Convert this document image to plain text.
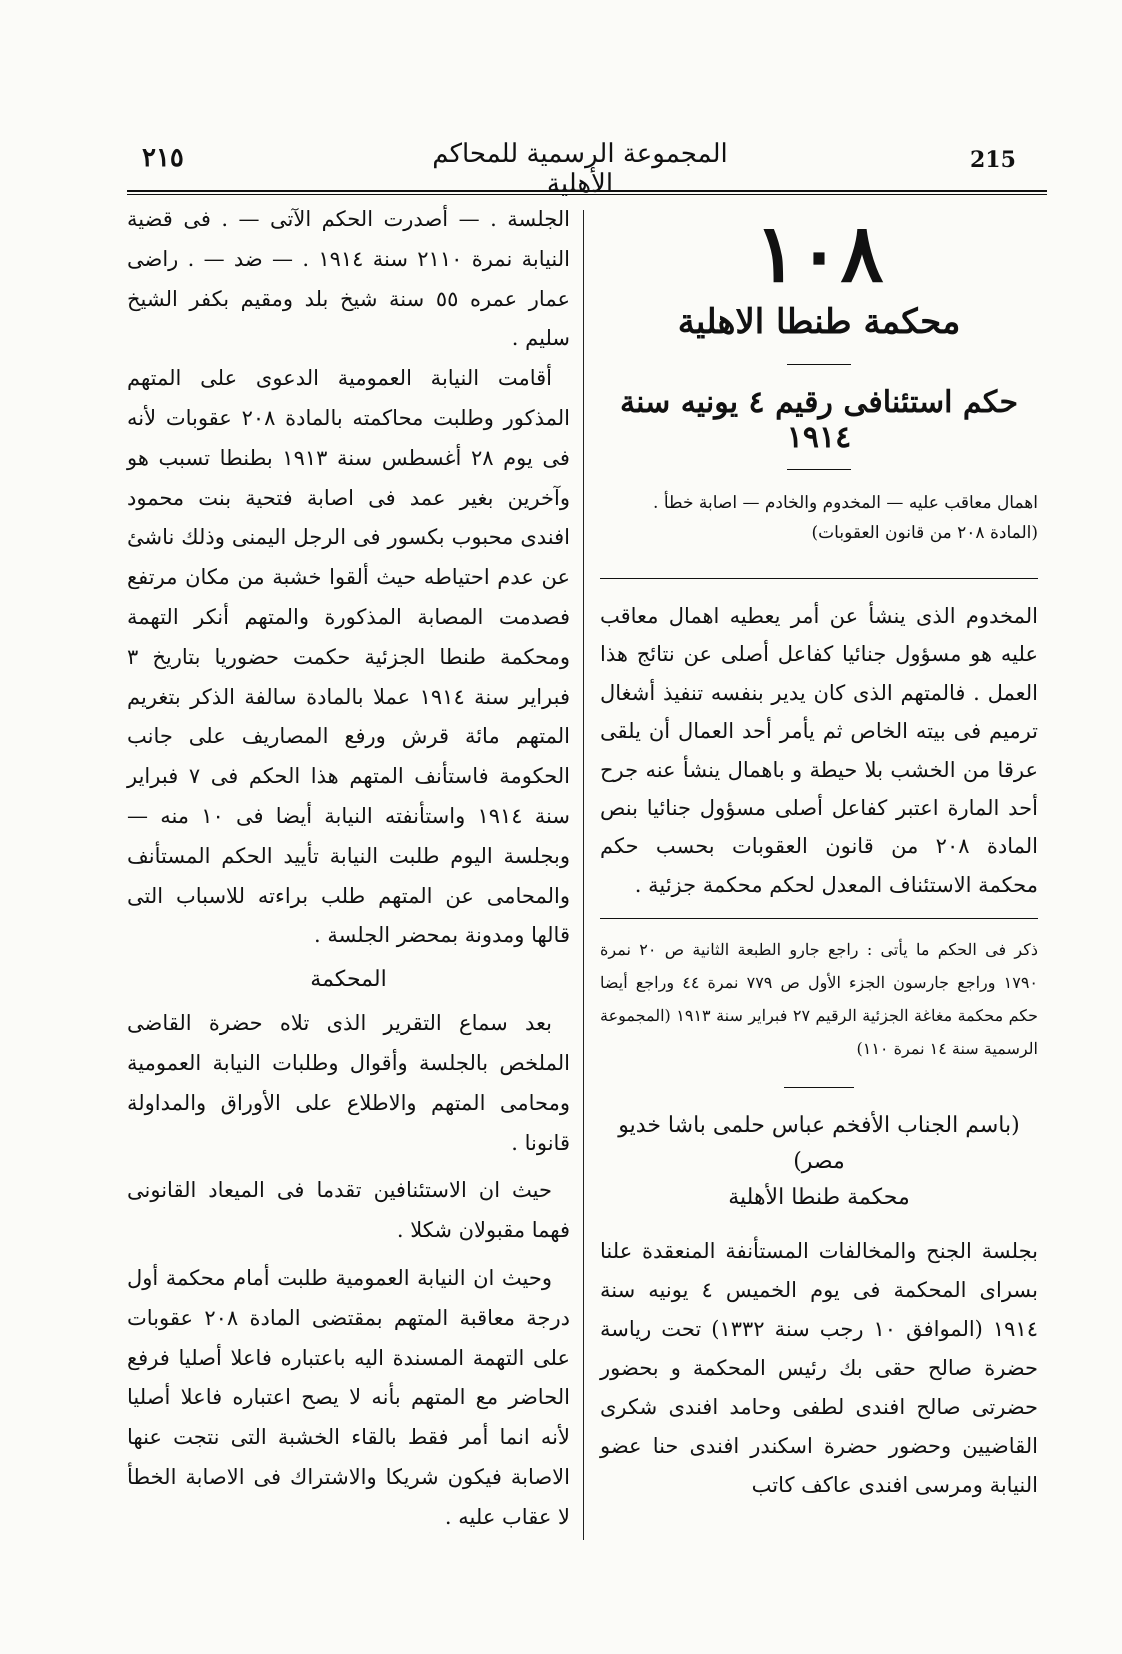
٢١٥	المجموعة الرسمية للمحاكم الأهلية
215
١٠٨
محكمة طنطا الاهلية
حكم استئنافى رقيم ٤ يونيه سنة ١٩١٤
اهمال معاقب عليه — المخدوم والخادم — اصابة خطأ .
(المادة ٢٠٨ من قانون العقوبات)
المخدوم الذى ينشأ عن أمر يعطيه اهمال معاقب عليه هو مسؤول جنائيا كفاعل أصلى عن نتائج هذا العمل . فالمتهم الذى كان يدير بنفسه تنفيذ أشغال ترميم فى بيته الخاص ثم يأمر أحد العمال أن يلقى عرقا من الخشب بلا حيطة و باهمال ينشأ عنه جرح أحد المارة اعتبر كفاعل أصلى مسؤول جنائيا بنص المادة ٢٠٨ من قانون العقوبات بحسب حكم محكمة الاستئناف المعدل لحكم محكمة جزئية .
ذكر فى الحكم ما يأتى : راجع جارو الطبعة الثانية ص ٢٠ نمرة ١٧٩٠ وراجع جارسون الجزء الأول ص ٧٧٩ نمرة ٤٤ وراجع أيضا حكم محكمة مغاغة الجزئية الرقيم ٢٧ فبراير سنة ١٩١٣ (المجموعة الرسمية سنة ١٤ نمرة ١١٠)
(باسم الجناب الأفخم عباس حلمى باشا خديو مصر)
محكمة طنطا الأهلية
بجلسة الجنح والمخالفات المستأنفة المنعقدة علنا بسراى المحكمة فى يوم الخميس ٤ يونيه سنة ١٩١٤ (الموافق ١٠ رجب سنة ١٣٣٢) تحت رياسة حضرة صالح حقى بك رئيس المحكمة و بحضور حضرتى صالح افندى لطفى وحامد افندى شكرى القاضيين وحضور حضرة اسكندر افندى حنا عضو النيابة ومرسى افندى عاكف كاتب

الجلسة . — أصدرت الحكم الآتى — . فى قضية النيابة نمرة ٢١١٠ سنة ١٩١٤ . — ضد — . راضى عمار عمره ٥٥ سنة شيخ بلد ومقيم بكفر الشيخ سليم .

أقامت النيابة العمومية الدعوى على المتهم المذكور وطلبت محاكمته بالمادة ٢٠٨ عقوبات لأنه فى يوم ٢٨ أغسطس سنة ١٩١٣ بطنطا تسبب هو وآخرين بغير عمد فى اصابة فتحية بنت محمود افندى محبوب بكسور فى الرجل اليمنى وذلك ناشئ عن عدم احتياطه حيث ألقوا خشبة من مكان مرتفع فصدمت المصابة المذكورة والمتهم أنكر التهمة ومحكمة طنطا الجزئية حكمت حضوريا بتاريخ ٣ فبراير سنة ١٩١٤ عملا بالمادة سالفة الذكر بتغريم المتهم مائة قرش ورفع المصاريف على جانب الحكومة فاستأنف المتهم هذا الحكم فى ٧ فبراير سنة ١٩١٤ واستأنفته النيابة أيضا فى ١٠ منه — وبجلسة اليوم طلبت النيابة تأييد الحكم المستأنف والمحامى عن المتهم طلب براءته للاسباب التى قالها ومدونة بمحضر الجلسة .

المحكمة

بعد سماع التقرير الذى تلاه حضرة القاضى الملخص بالجلسة وأقوال وطلبات النيابة العمومية ومحامى المتهم والاطلاع على الأوراق والمداولة قانونا .

حيث ان الاستئنافين تقدما فى الميعاد القانونى فهما مقبولان شكلا .

وحيث ان النيابة العمومية طلبت أمام محكمة أول درجة معاقبة المتهم بمقتضى المادة ٢٠٨ عقوبات على التهمة المسندة اليه باعتباره فاعلا أصليا فرفع الحاضر مع المتهم بأنه لا يصح اعتباره فاعلا أصليا لأنه انما أمر فقط بالقاء الخشبة التى نتجت عنها الاصابة فيكون شريكا والاشتراك فى الاصابة الخطأ لا عقاب عليه .
